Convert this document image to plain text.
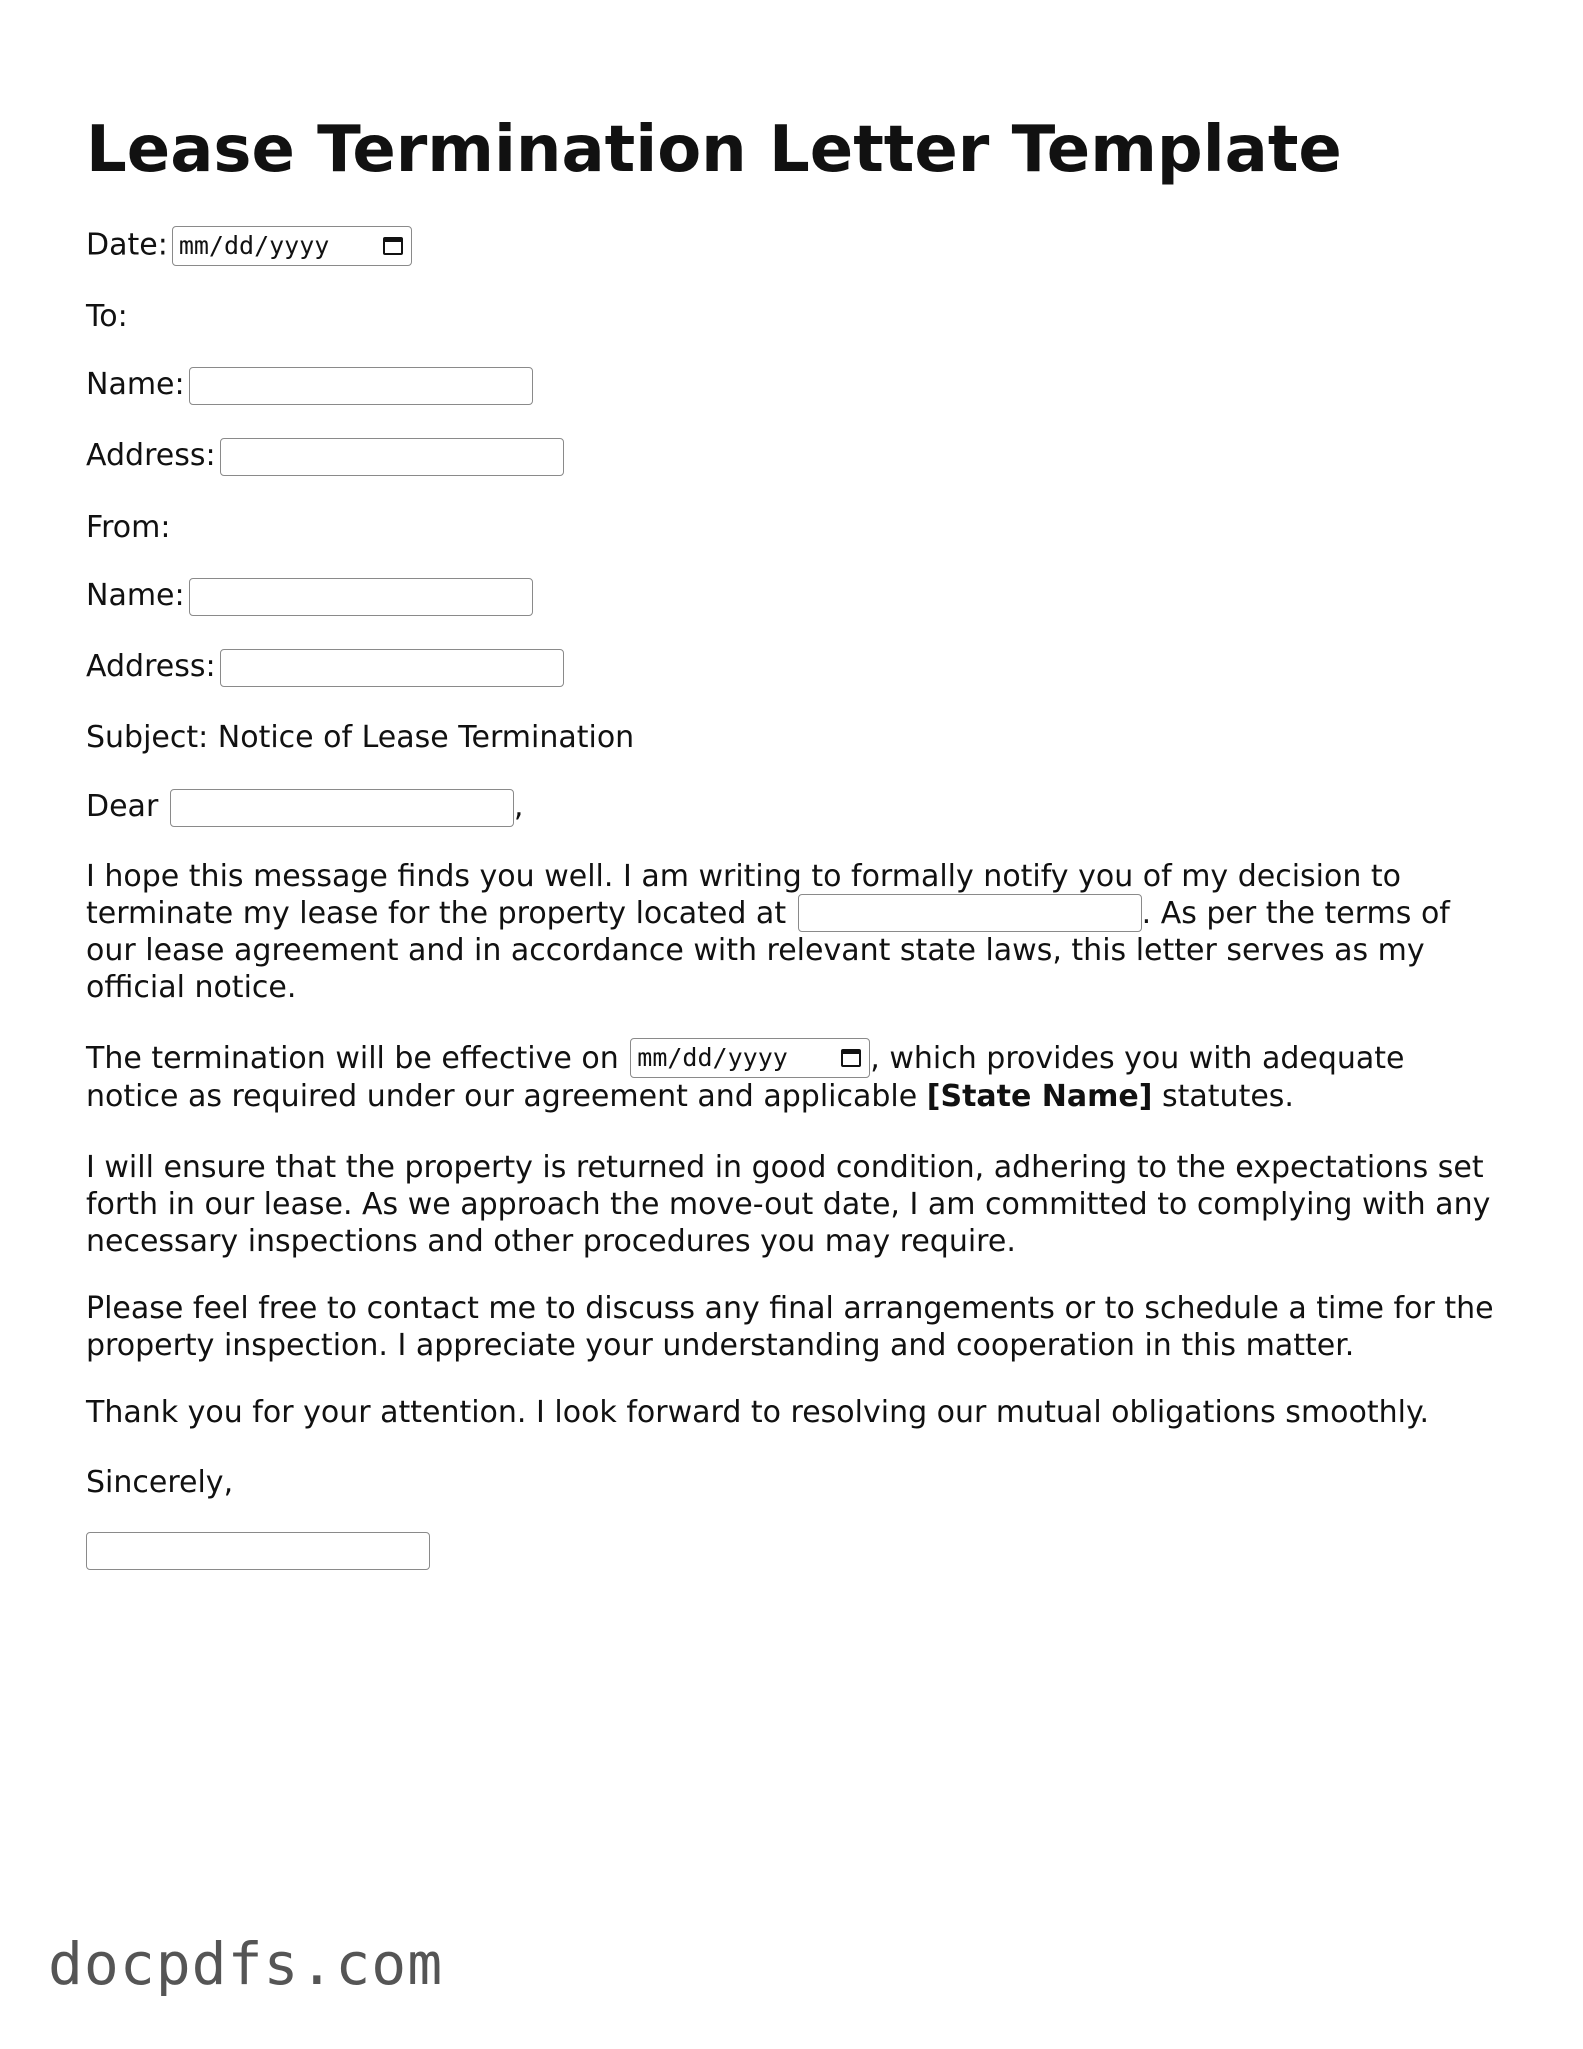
Lease Termination Letter Template
Date: mm/dd/yyyy
To:
Name:
Address:
From:
Name:
Address:
Subject: Notice of Lease Termination
Dear	,
I hope this message finds you well. I am writing to formally notify you of my decision to terminate my lease for the property located at	. As per the terms of our lease agreement and in accordance with relevant state laws, this letter serves as my official notice.
The termination will be effective on mm/dd/yyyy	, which provides you with adequate notice as required under our agreement and applicable [State Name] statutes.
I will ensure that the property is returned in good condition, adhering to the expectations set forth in our lease. As we approach the move-out date, I am committed to complying with any necessary inspections and other procedures you may require.
Please feel free to contact me to discuss any final arrangements or to schedule a time for the property inspection. I appreciate your understanding and cooperation in this matter.
Thank you for your attention. I look forward to resolving our mutual obligations smoothly.
Sincerely,
docpdfs.com
